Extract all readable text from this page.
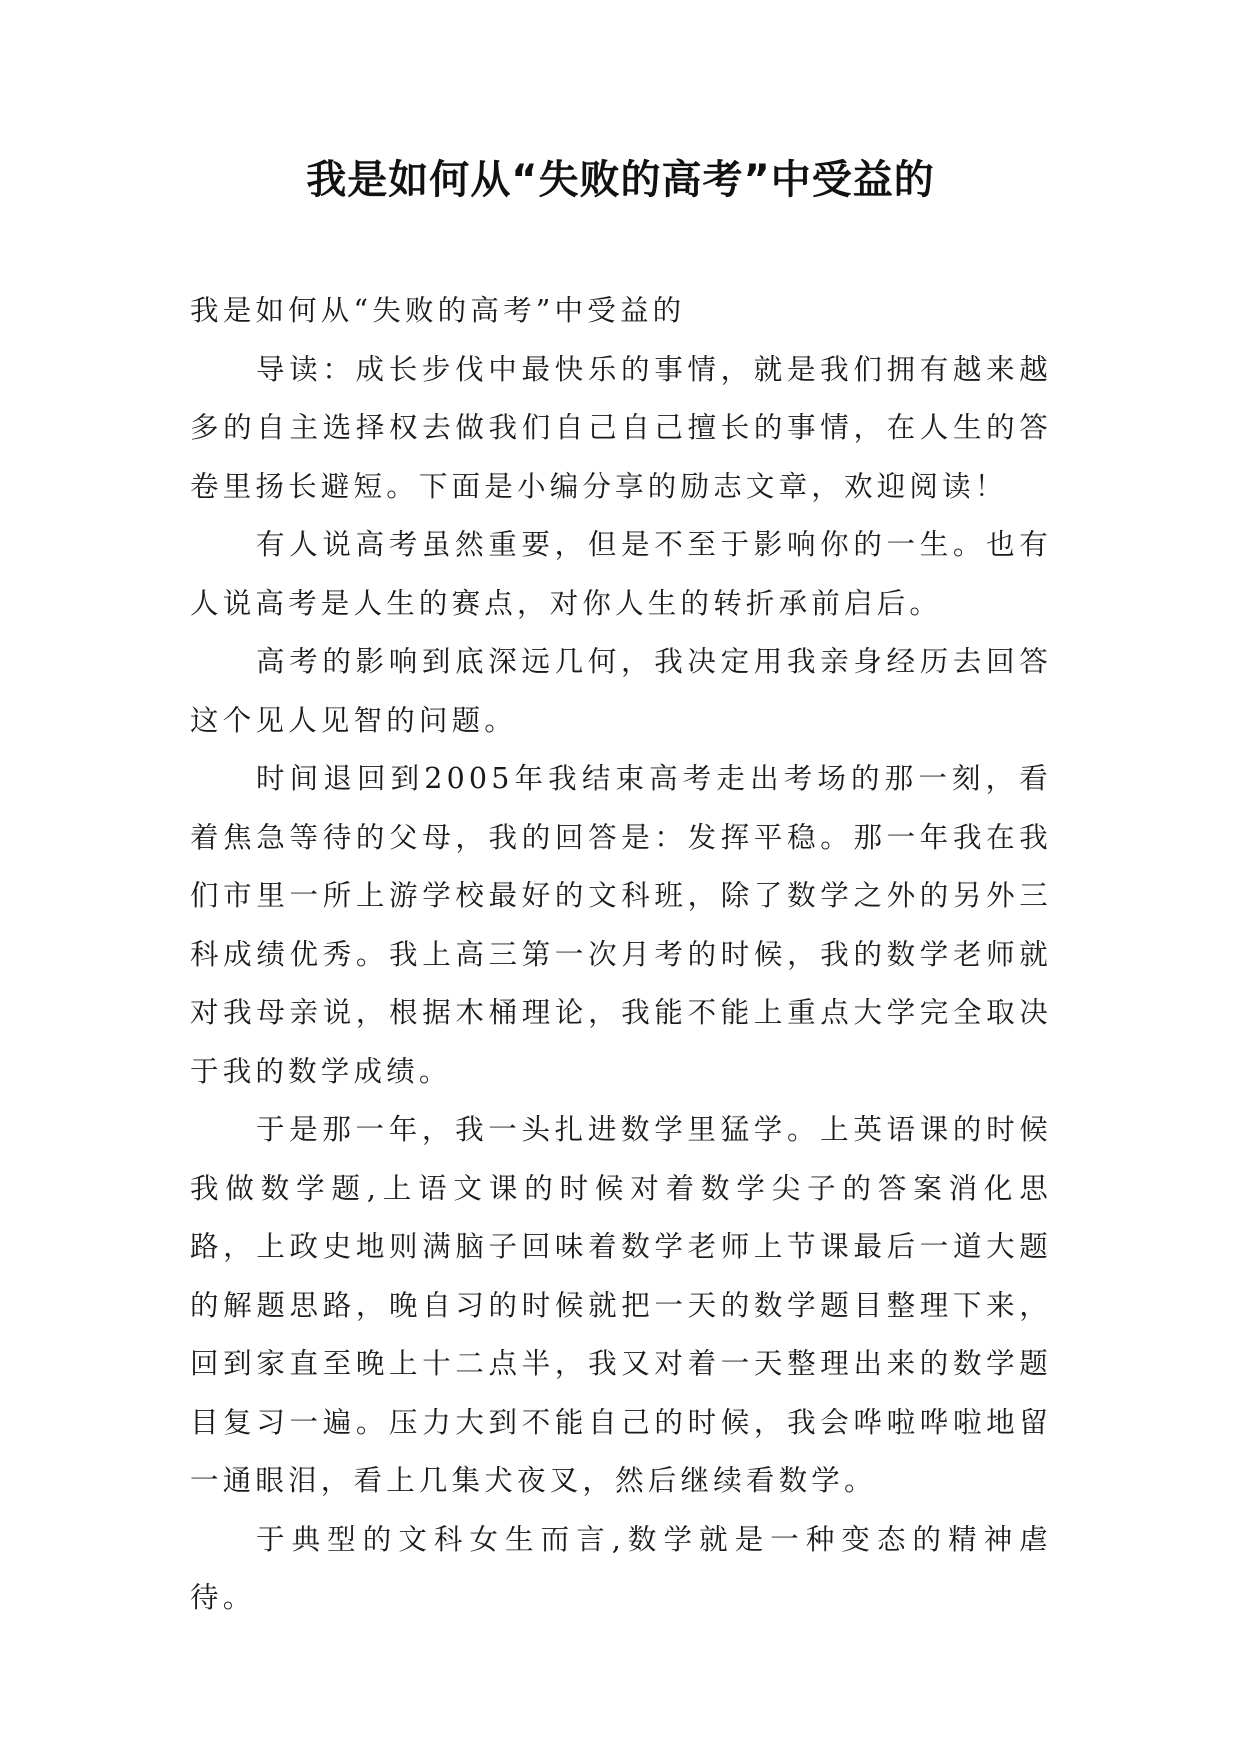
我是如何从“失败的高考”中受益的

我是如何从“失败的高考”中受益的

导读：成长步伐中最快乐的事情，就是我们拥有越来越多的自主选择权去做我们自己自己擅长的事情，在人生的答卷里扬长避短。下面是小编分享的励志文章，欢迎阅读！

有人说高考虽然重要，但是不至于影响你的一生。也有人说高考是人生的赛点，对你人生的转折承前启后。

高考的影响到底深远几何，我决定用我亲身经历去回答这个见人见智的问题。

时间退回到2005年我结束高考走出考场的那一刻，看着焦急等待的父母，我的回答是：发挥平稳。那一年我在我们市里一所上游学校最好的文科班，除了数学之外的另外三科成绩优秀。我上高三第一次月考的时候，我的数学老师就对我母亲说，根据木桶理论，我能不能上重点大学完全取决于我的数学成绩。

于是那一年，我一头扎进数学里猛学。上英语课的时候我做数学题,上语文课的时候对着数学尖子的答案消化思路，上政史地则满脑子回味着数学老师上节课最后一道大题的解题思路，晚自习的时候就把一天的数学题目整理下来，回到家直至晚上十二点半，我又对着一天整理出来的数学题目复习一遍。压力大到不能自己的时候，我会哗啦哗啦地留一通眼泪，看上几集犬夜叉，然后继续看数学。

于典型的文科女生而言,数学就是一种变态的精神虐待。
